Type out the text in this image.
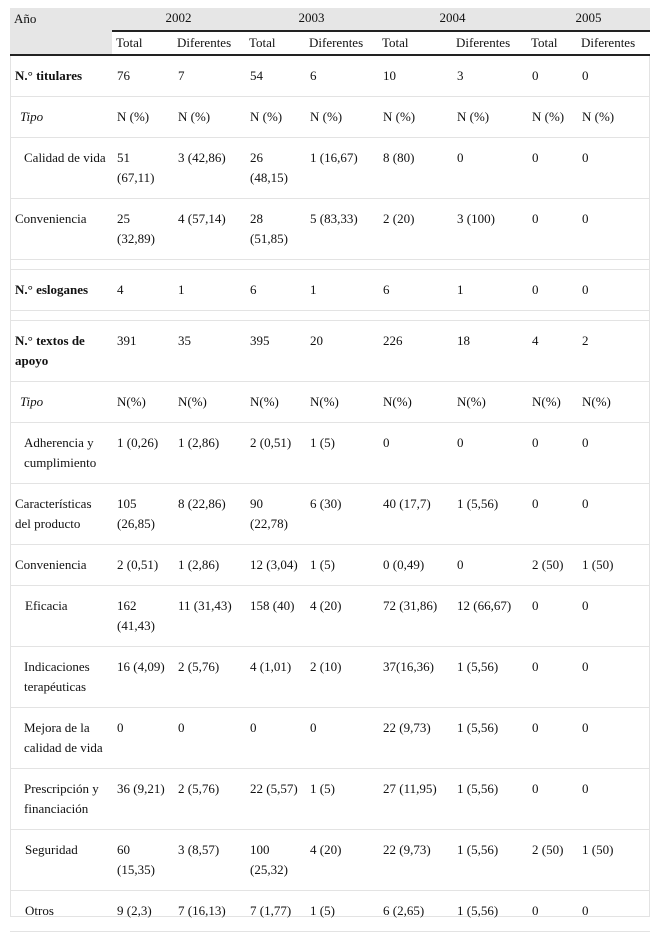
Año	2002		2003		2004		2005	
	Total	Diferentes	Total	Diferentes	Total	Diferentes	Total	Diferentes
N.° titulares	76	7	54	6	10	3	0	0
Tipo	N (%)	N (%)	N (%)	N (%)	N (%)	N (%)	N (%)	N (%)
Calidad de vida	51 (67,11)	3 (42,86)	26 (48,15)	1 (16,67)	8 (80)	0	0	0
Conveniencia	25 (32,89)	4 (57,14)	28 (51,85)	5 (83,33)	2 (20)	3 (100)	0	0

N.° esloganes	4	1	6	1	6	1	0	0

N.° textos de apoyo	391	35	395	20	226	18	4	2
Tipo	N(%)	N(%)	N(%)	N(%)	N(%)	N(%)	N(%)	N(%)
Adherencia y cumplimiento	1 (0,26)	1 (2,86)	2 (0,51)	1 (5)	0	0	0	0
Características del producto	105 (26,85)	8 (22,86)	90 (22,78)	6 (30)	40 (17,7)	1 (5,56)	0	0
Conveniencia	2 (0,51)	1 (2,86)	12 (3,04)	1 (5)	0 (0,49)	0	2 (50)	1 (50)
Eficacia	162 (41,43)	11 (31,43)	158 (40)	4 (20)	72 (31,86)	12 (66,67)	0	0
Indicaciones terapéuticas	16 (4,09)	2 (5,76)	4 (1,01)	2 (10)	37(16,36)	1 (5,56)	0	0
Mejora de la calidad de vida	0	0	0	0	22 (9,73)	1 (5,56)	0	0
Prescripción y financiación	36 (9,21)	2 (5,76)	22 (5,57)	1 (5)	27 (11,95)	1 (5,56)	0	0
Seguridad	60 (15,35)	3 (8,57)	100 (25,32)	4 (20)	22 (9,73)	1 (5,56)	2 (50)	1 (50)
Otros	9 (2,3)	7 (16,13)	7 (1,77)	1 (5)	6 (2,65)	1 (5,56)	0	0
